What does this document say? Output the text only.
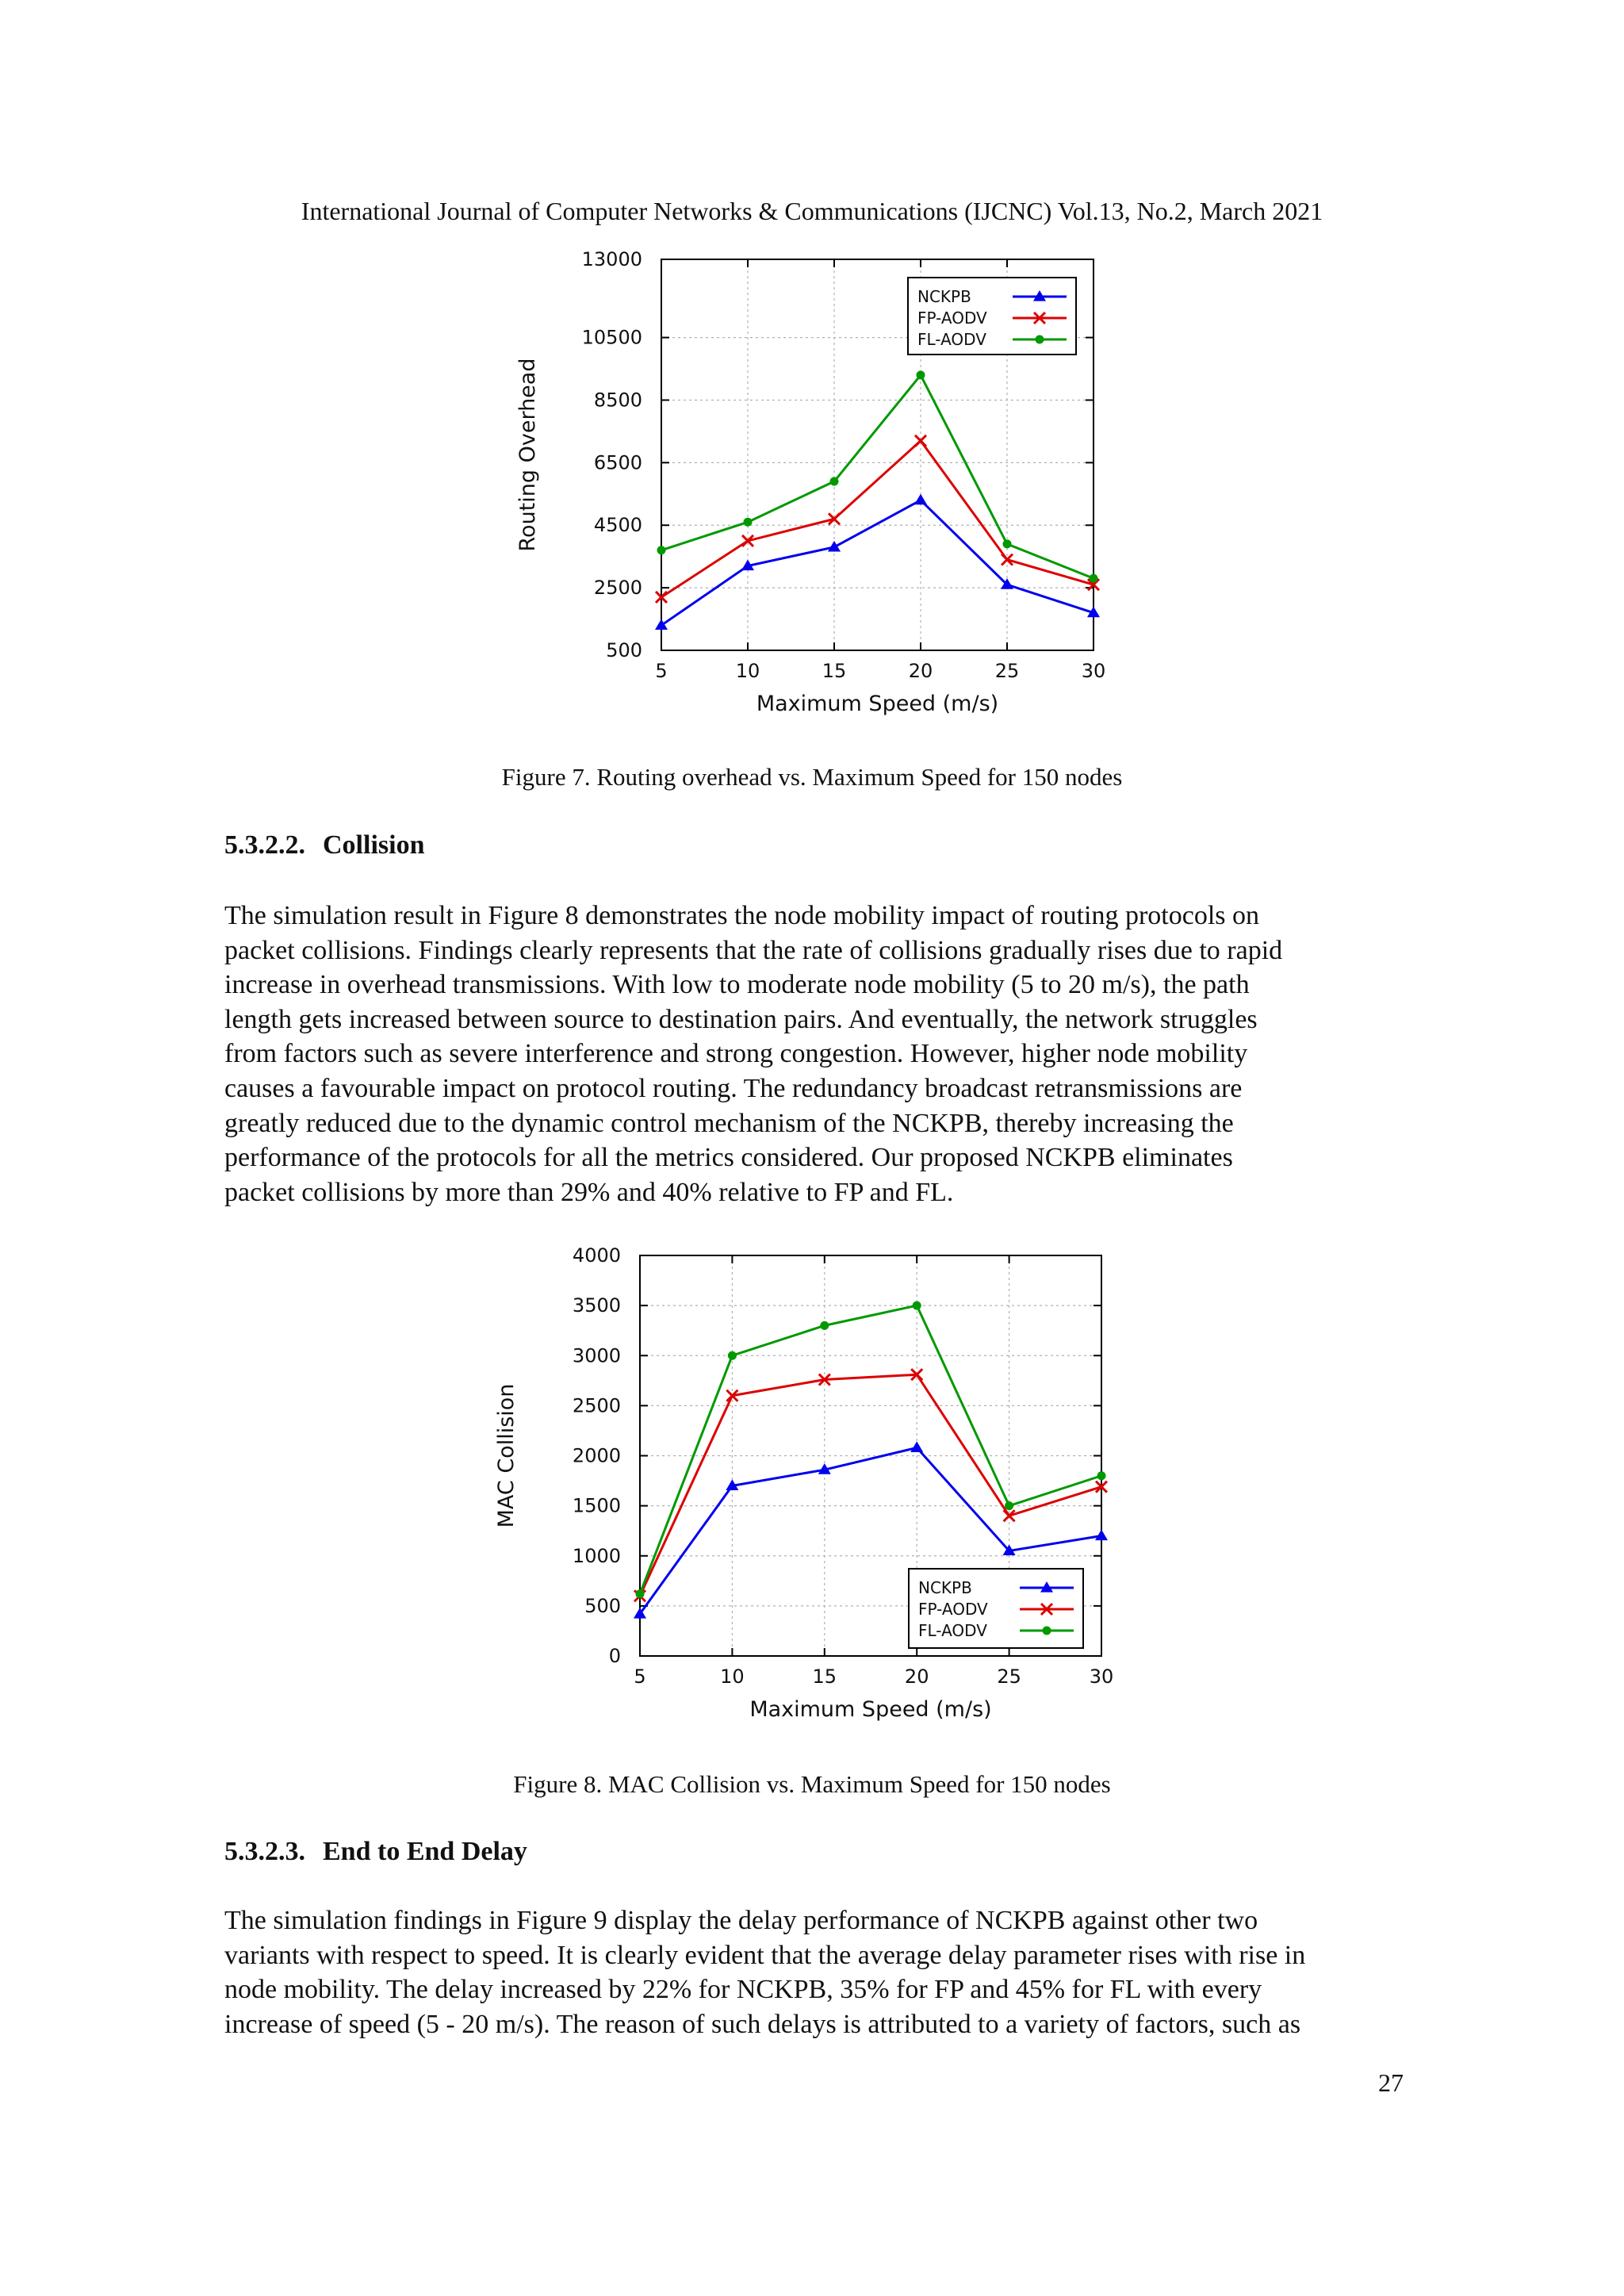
International Journal of Computer Networks & Communications (IJCNC) Vol.13, No.2, March 2021
500
2500
4500
6500
8500
10500
13000
5	10	15	20	25	30
Maximum Speed (m/s)
Routing Overhead
NCKPB
FP-AODV
FL-AODV
Figure 7. Routing overhead vs. Maximum Speed for 150 nodes
5.3.2.2. Collision
The simulation result in Figure 8 demonstrates the node mobility impact of routing protocols on
packet collisions. Findings clearly represents that the rate of collisions gradually rises due to rapid
increase in overhead transmissions. With low to moderate node mobility (5 to 20 m/s), the path
length gets increased between source to destination pairs. And eventually, the network struggles
from factors such as severe interference and strong congestion. However, higher node mobility
causes a favourable impact on protocol routing. The redundancy broadcast retransmissions are
greatly reduced due to the dynamic control mechanism of the NCKPB, thereby increasing the
performance of the protocols for all the metrics considered. Our proposed NCKPB eliminates
packet collisions by more than 29% and 40% relative to FP and FL.
0
500
1000
1500
2000
2500
3000
3500
4000
5	10	15	20	25	30
Maximum Speed (m/s)
MAC Collision
NCKPB
FP-AODV
FL-AODV
Figure 8. MAC Collision vs. Maximum Speed for 150 nodes
5.3.2.3. End to End Delay
The simulation findings in Figure 9 display the delay performance of NCKPB against other two
variants with respect to speed. It is clearly evident that the average delay parameter rises with rise in
node mobility. The delay increased by 22% for NCKPB, 35% for FP and 45% for FL with every
increase of speed (5 - 20 m/s). The reason of such delays is attributed to a variety of factors, such as
27
